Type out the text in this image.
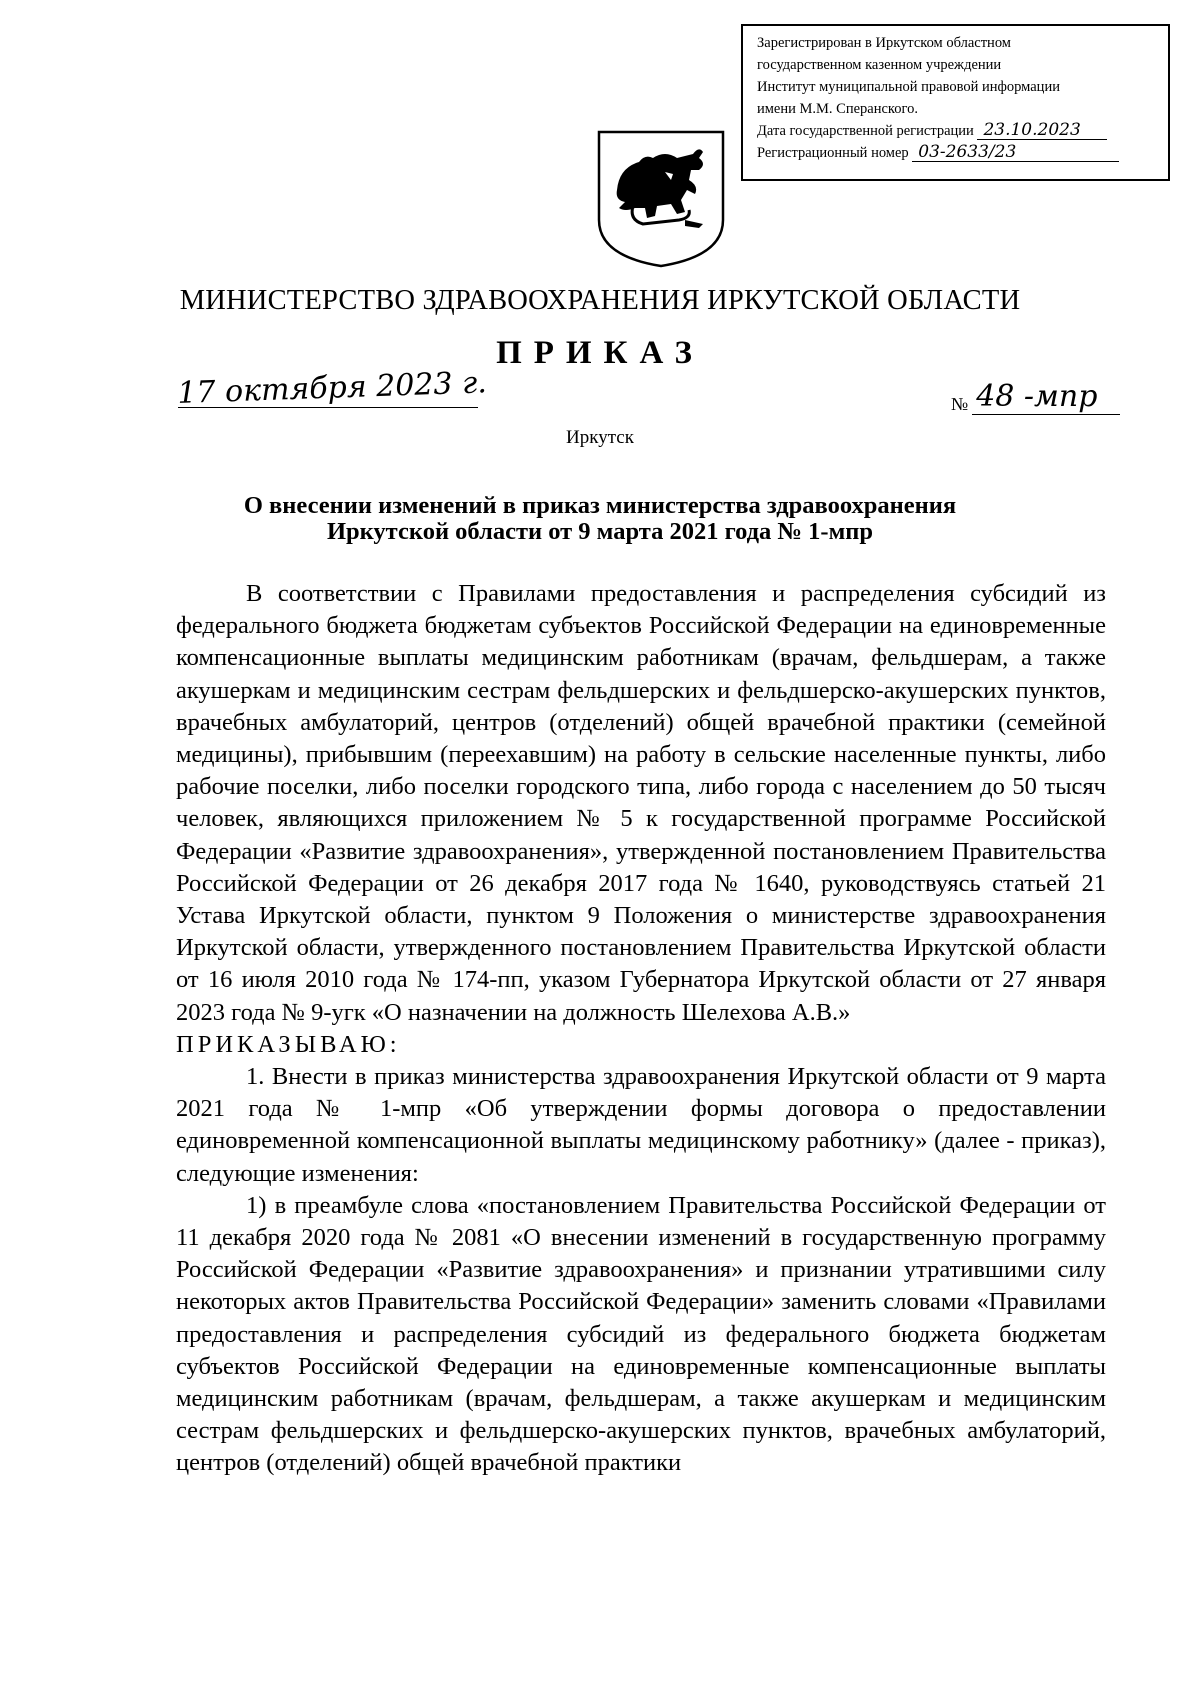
Зарегистрирован в Иркутском областном
государственном казенном учреждении
Институт муниципальной правовой информации
имени М.М. Сперанского.
Дата государственной регистрации 23.10.2023
Регистрационный номер 03-2633/23
МИНИСТЕРСТВО ЗДРАВООХРАНЕНИЯ ИРКУТСКОЙ ОБЛАСТИ
ПРИКАЗ
17 октября 2023 г.	№ 48 -мпр
Иркутск
О внесении изменений в приказ министерства здравоохранения
Иркутской области от 9 марта 2021 года № 1-мпр

В соответствии с Правилами предоставления и распределения субсидий из федерального бюджета бюджетам субъектов Российской Федерации на единовременные компенсационные выплаты медицинским работникам (врачам, фельдшерам, а также акушеркам и медицинским сестрам фельдшерских и фельдшерско-акушерских пунктов, врачебных амбулаторий, центров (отделений) общей врачебной практики (семейной медицины), прибывшим (переехавшим) на работу в сельские населенные пункты, либо рабочие поселки, либо поселки городского типа, либо города с населением до 50 тысяч человек, являющихся приложением № 5 к государственной программе Российской Федерации «Развитие здравоохранения», утвержденной постановлением Правительства Российской Федерации от 26 декабря 2017 года № 1640, руководствуясь статьей 21 Устава Иркутской области, пунктом 9 Положения о министерстве здравоохранения Иркутской области, утвержденного постановлением Правительства Иркутской области от 16 июля 2010 года № 174-пп, указом Губернатора Иркутской области от 27 января 2023 года № 9-угк «О назначении на должность Шелехова А.В.»

ПРИКАЗЫВАЮ:

1. Внести в приказ министерства здравоохранения Иркутской области от 9 марта 2021 года № 1-мпр «Об утверждении формы договора о предоставлении единовременной компенсационной выплаты медицинскому работнику» (далее - приказ), следующие изменения:

1) в преамбуле слова «постановлением Правительства Российской Федерации от 11 декабря 2020 года № 2081 «О внесении изменений в государственную программу Российской Федерации «Развитие здравоохранения» и признании утратившими силу некоторых актов Правительства Российской Федерации» заменить словами «Правилами предоставления и распределения субсидий из федерального бюджета бюджетам субъектов Российской Федерации на единовременные компенсационные выплаты медицинским работникам (врачам, фельдшерам, а также акушеркам и медицинским сестрам фельдшерских и фельдшерско-акушерских пунктов, врачебных амбулаторий, центров (отделений) общей врачебной практики
